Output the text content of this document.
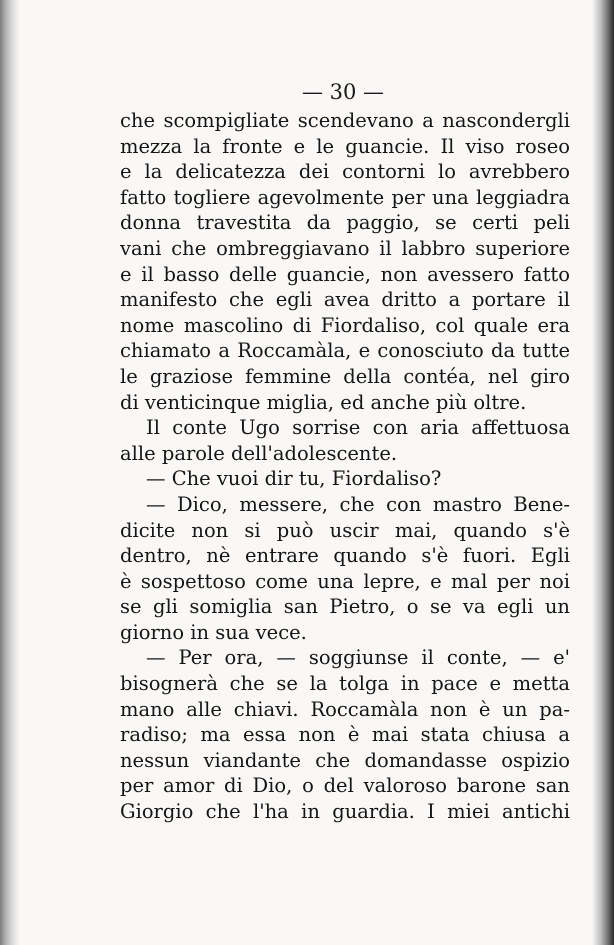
— 30 —
che scompigliate scendevano a nascondergli
mezza la fronte e le guancie. Il viso roseo
e la delicatezza dei contorni lo avrebbero
fatto togliere agevolmente per una leggiadra
donna travestita da paggio, se certi peli
vani che ombreggiavano il labbro superiore
e il basso delle guancie, non avessero fatto
manifesto che egli avea dritto a portare il
nome mascolino di Fiordaliso, col quale era
chiamato a Roccamàla, e conosciuto da tutte
le graziose femmine della contéa, nel giro
di venticinque miglia, ed anche più oltre.
Il conte Ugo sorrise con aria affettuosa
alle parole dell'adolescente.
— Che vuoi dir tu, Fiordaliso?
— Dico, messere, che con mastro Bene-
dicite non si può uscir mai, quando s'è
dentro, nè entrare quando s'è fuori. Egli
è sospettoso come una lepre, e mal per noi
se gli somiglia san Pietro, o se va egli un
giorno in sua vece.
— Per ora, — soggiunse il conte, — e'
bisognerà che se la tolga in pace e metta
mano alle chiavi. Roccamàla non è un pa-
radiso; ma essa non è mai stata chiusa a
nessun viandante che domandasse ospizio
per amor di Dio, o del valoroso barone san
Giorgio che l'ha in guardia. I miei antichi
